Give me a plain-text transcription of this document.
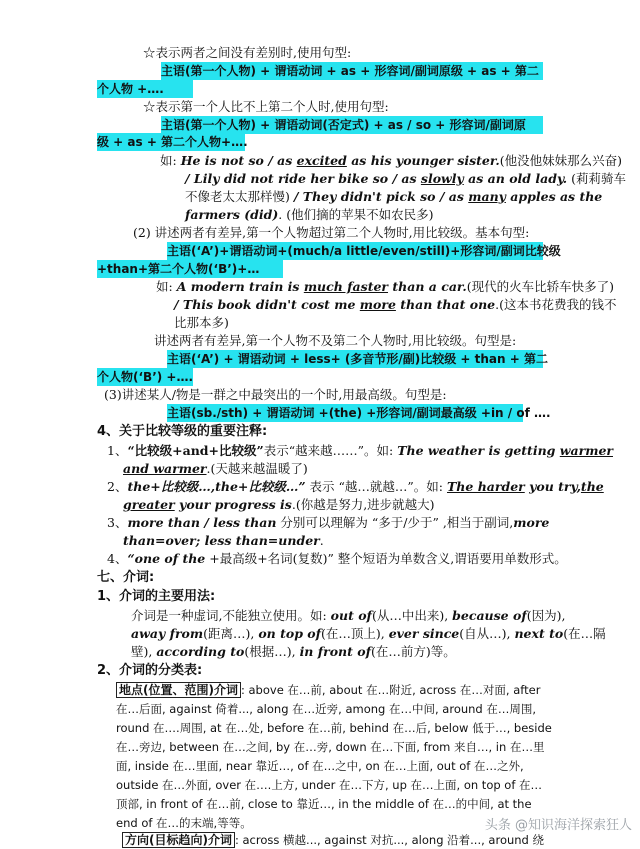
☆表示两者之间没有差别时,使用句型:
主语(第一个人物) + 谓语动词 + as + 形容词/副词原级 + as + 第二
个人物 +….
☆表示第一个人比不上第二个人时,使用句型:
主语(第一个人物) + 谓语动词(否定式) + as / so + 形容词/副词原
级 + as + 第二个人物+….
如: He is not so / as excited as his younger sister.(他没他妹妹那么兴奋)
/ Lily did not ride her bike so / as slowly as an old lady. (莉莉骑车
不像老太太那样慢) / They didn't pick so / as many apples as the
farmers (did). (他们摘的苹果不如农民多)
(2) 讲述两者有差异,第一个人物超过第二个人物时,用比较级。基本句型:
主语(‘A’)+谓语动词+(much/a little/even/still)+形容词/副词比较级
+than+第二个人物(‘B’)+…
如: A modern train is much faster than a car.(现代的火车比轿车快多了)
/ This book didn't cost me more than that one.(这本书花费我的钱不
比那本多)
讲述两者有差异,第一个人物不及第二个人物时,用比较级。句型是:
主语(‘A’) + 谓语动词 + less+ (多音节形/副)比较级 + than + 第二
个人物(‘B’) +….
(3)讲述某人/物是一群之中最突出的一个时,用最高级。句型是:
主语(sb./sth) + 谓语动词 +(the) +形容词/副词最高级 +in / of ….
4、关于比较等级的重要注释:
1、“比较级+and+比较级”表示“越来越……”。如: The weather is getting warmer
and warmer.(天越来越温暖了)
2、the+比较级…,the+比较级…” 表示 “越…就越…”。如: The harder you try,the
greater your progress is.(你越是努力,进步就越大)
3、more than / less than 分别可以理解为 “多于/少于” ,相当于副词,more
than=over; less than=under.
4、“one of the +最高级+名词(复数)” 整个短语为单数含义,谓语要用单数形式。
七、介词:
1、介词的主要用法:
介词是一种虚词,不能独立使用。如: out of(从…中出来), because of(因为),
away from(距离…), on top of(在…顶上), ever since(自从…), next to(在…隔
壁), according to(根据…), in front of(在…前方)等。
2、介词的分类表:
地点(位置、范围)介词 : above 在…前, about 在…附近, across 在…对面, after
在…后面, against 倚着..., along 在…近旁, among 在…中间, around 在…周围,
round 在….周围, at 在…处, before 在…前, behind 在…后, below 低于…, beside
在…旁边, between 在…之间, by 在…旁, down 在…下面, from 来自…, in 在…里
面, inside 在…里面, near 靠近…, of 在…之中, on 在…上面, out of 在…之外,
outside 在…外面, over 在….上方, under 在…下方, up 在…上面, on top of 在…
顶部, in front of 在…前, close to 靠近…, in the middle of 在…的中间, at the
end of 在…的末端,等等。
方向(目标趋向)介词 : across 横越..., against 对抗..., along 沿着..., around 绕
头条 @知识海洋探索狂人
